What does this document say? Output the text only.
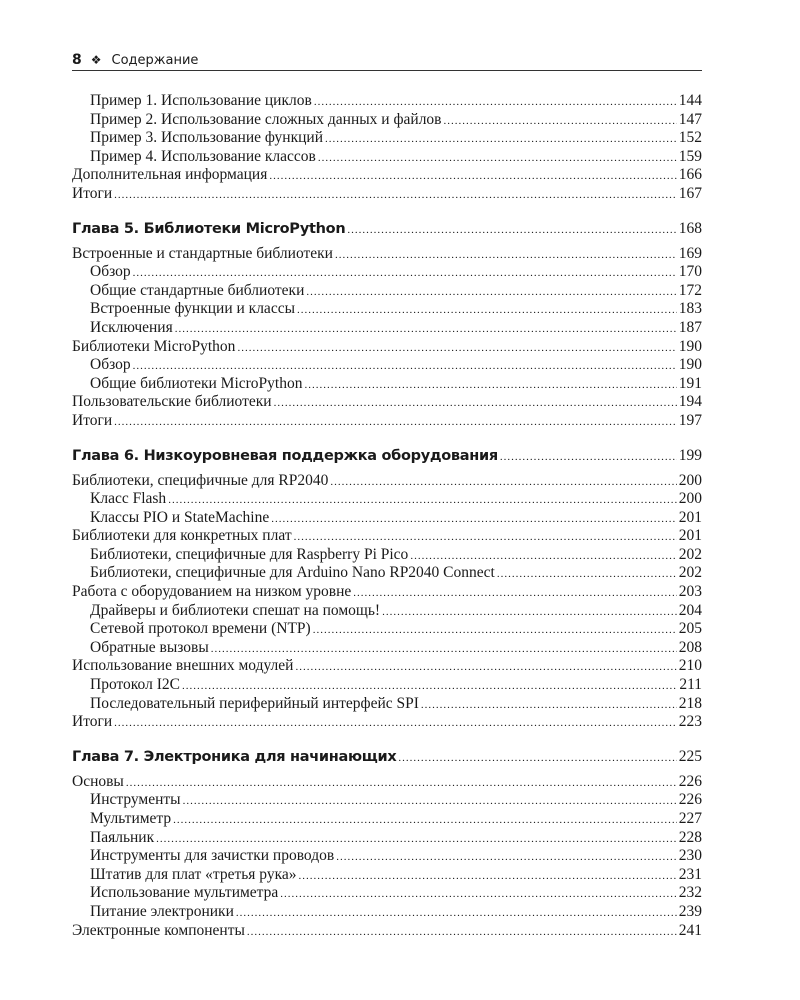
8 ❖ Содержание
Пример 1. Использование циклов .....	144
Пример 2. Использование сложных данных и файлов .....	147
Пример 3. Использование функций .....	152
Пример 4. Использование классов .....	159
Дополнительная информация .....	166
Итоги .....	167
Глава 5. Библиотеки MicroPython .....	168
Встроенные и стандартные библиотеки .....	169
Обзор .....	170
Общие стандартные библиотеки .....	172
Встроенные функции и классы .....	183
Исключения .....	187
Библиотеки MicroPython .....	190
Обзор .....	190
Общие библиотеки MicroPython .....	191
Пользовательские библиотеки .....	194
Итоги .....	197
Глава 6. Низкоуровневая поддержка оборудования .....	199
Библиотеки, специфичные для RP2040 .....	200
Класс Flash .....	200
Классы PIO и StateMachine .....	201
Библиотеки для конкретных плат .....	201
Библиотеки, специфичные для Raspberry Pi Pico .....	202
Библиотеки, специфичные для Arduino Nano RP2040 Connect .....	202
Работа с оборудованием на низком уровне .....	203
Драйверы и библиотеки спешат на помощь! .....	204
Сетевой протокол времени (NTP) .....	205
Обратные вызовы .....	208
Использование внешних модулей .....	210
Протокол I2C .....	211
Последовательный периферийный интерфейс SPI .....	218
Итоги .....	223
Глава 7. Электроника для начинающих .....	225
Основы .....	226
Инструменты .....	226
Мультиметр .....	227
Паяльник .....	228
Инструменты для зачистки проводов .....	230
Штатив для плат «третья рука» .....	231
Использование мультиметра .....	232
Питание электроники .....	239
Электронные компоненты .....	241
